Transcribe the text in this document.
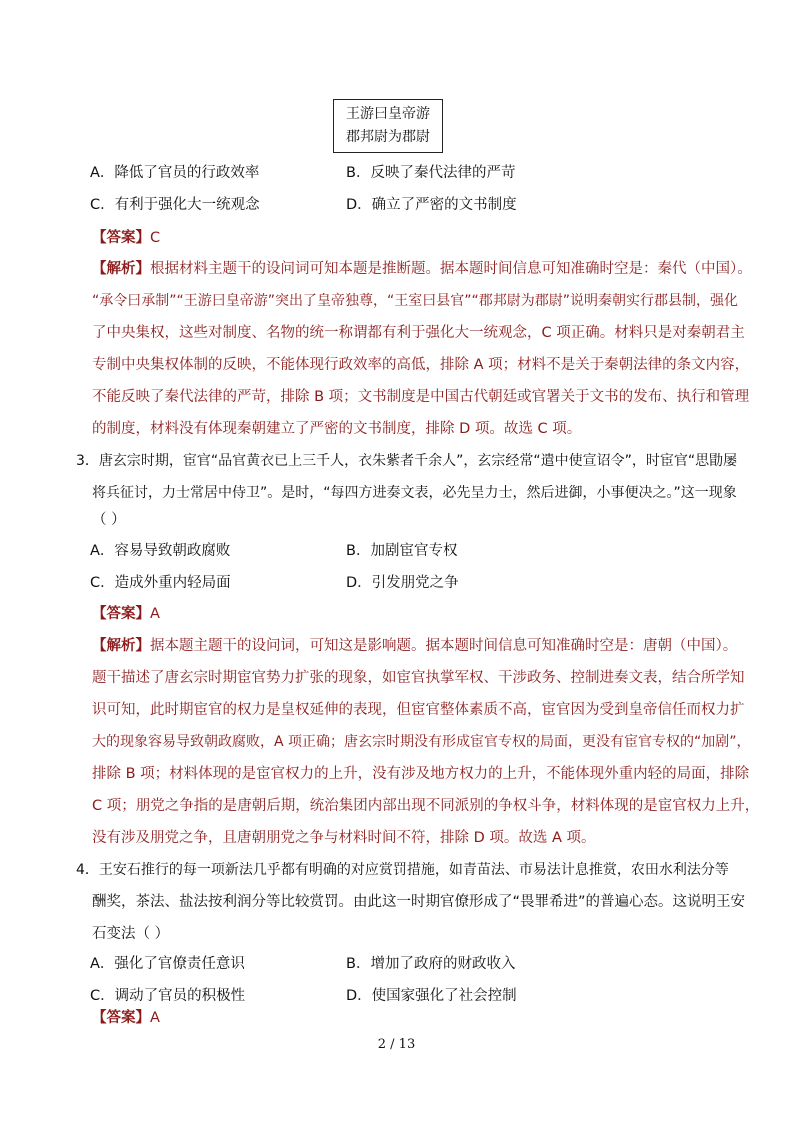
王游曰皇帝游
郡邦尉为郡尉
A．降低了官员的行政效率	B．反映了秦代法律的严苛
C．有利于强化大一统观念	D．确立了严密的文书制度
【答案】C
【解析】根据材料主题干的设问词可知本题是推断题。据本题时间信息可知准确时空是：秦代（中国）。
“承令曰承制”“王游曰皇帝游”突出了皇帝独尊，“王室曰县官”“郡邦尉为郡尉”说明秦朝实行郡县制，强化
了中央集权，这些对制度、名物的统一称谓都有利于强化大一统观念，C 项正确。材料只是对秦朝君主
专制中央集权体制的反映，不能体现行政效率的高低，排除 A 项；材料不是关于秦朝法律的条文内容，
不能反映了秦代法律的严苛，排除 B 项；文书制度是中国古代朝廷或官署关于文书的发布、执行和管理
的制度，材料没有体现秦朝建立了严密的文书制度，排除 D 项。故选 C 项。
3．唐玄宗时期，宦官“品官黄衣已上三千人，衣朱紫者千余人”，玄宗经常“遣中使宣诏令”，时宦官“思勖屡
将兵征讨，力士常居中侍卫”。是时，“每四方进奏文表，必先呈力士，然后进御，小事便决之。”这一现象
（ ）
A．容易导致朝政腐败	B．加剧宦官专权
C．造成外重内轻局面	D．引发朋党之争
【答案】A
【解析】据本题主题干的设问词，可知这是影响题。据本题时间信息可知准确时空是：唐朝（中国）。
题干描述了唐玄宗时期宦官势力扩张的现象，如宦官执掌军权、干涉政务、控制进奏文表，结合所学知
识可知，此时期宦官的权力是皇权延伸的表现，但宦官整体素质不高，宦官因为受到皇帝信任而权力扩
大的现象容易导致朝政腐败，A 项正确；唐玄宗时期没有形成宦官专权的局面，更没有宦官专权的“加剧”，
排除 B 项；材料体现的是宦官权力的上升，没有涉及地方权力的上升，不能体现外重内轻的局面，排除
C 项；朋党之争指的是唐朝后期，统治集团内部出现不同派别的争权斗争，材料体现的是宦官权力上升，
没有涉及朋党之争，且唐朝朋党之争与材料时间不符，排除 D 项。故选 A 项。
4．王安石推行的每一项新法几乎都有明确的对应赏罚措施，如青苗法、市易法计息推赏，农田水利法分等
酬奖，茶法、盐法按利润分等比较赏罚。由此这一时期官僚形成了“畏罪希进”的普遍心态。这说明王安
石变法（ ）
A．强化了官僚责任意识	B．增加了政府的财政收入
C．调动了官员的积极性	D．使国家强化了社会控制
【答案】A
2 / 13
